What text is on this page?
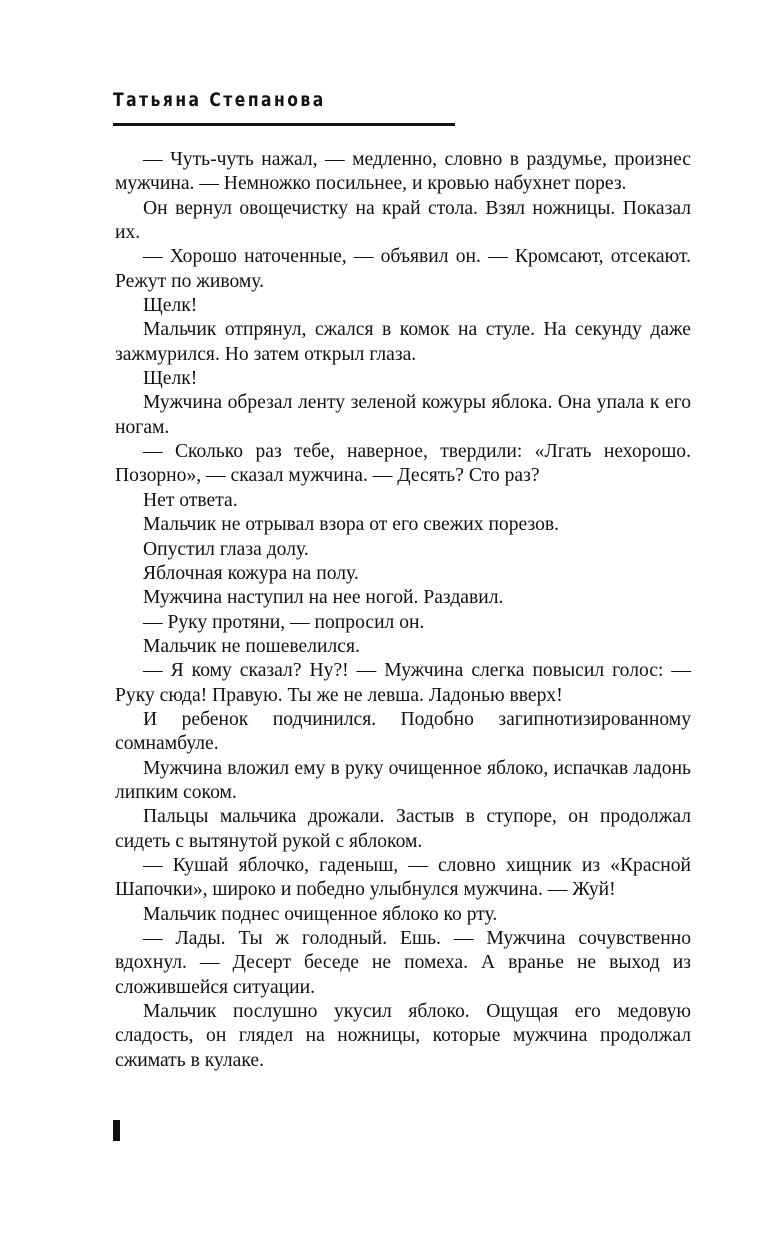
Татьяна Степанова

— Чуть-чуть нажал, — медленно, словно в раздумье, произнес мужчина. — Немножко посильнее, и кровью набухнет порез.

Он вернул овощечистку на край стола. Взял ножницы. Показал их.

— Хорошо наточенные, — объявил он. — Кромсают, отсекают. Режут по живому.

Щелк!

Мальчик отпрянул, сжался в комок на стуле. На секунду даже зажмурился. Но затем открыл глаза.

Щелк!

Мужчина обрезал ленту зеленой кожуры яблока. Она упала к его ногам.

— Сколько раз тебе, наверное, твердили: «Лгать нехорошо. Позорно», — сказал мужчина. — Десять? Сто раз?

Нет ответа.

Мальчик не отрывал взора от его свежих порезов.

Опустил глаза долу.

Яблочная кожура на полу.

Мужчина наступил на нее ногой. Раздавил.

— Руку протяни, — попросил он.

Мальчик не пошевелился.

— Я кому сказал? Ну?! — Мужчина слегка повысил голос: — Руку сюда! Правую. Ты же не левша. Ладонью вверх!

И ребенок подчинился. Подобно загипнотизированному сомнамбуле.

Мужчина вложил ему в руку очищенное яблоко, испачкав ладонь липким соком.

Пальцы мальчика дрожали. Застыв в ступоре, он продолжал сидеть с вытянутой рукой с яблоком.

— Кушай яблочко, гаденыш, — словно хищник из «Красной Шапочки», широко и победно улыбнулся мужчина. — Жуй!

Мальчик поднес очищенное яблоко ко рту.

— Лады. Ты ж голодный. Ешь. — Мужчина сочувственно вдохнул. — Десерт беседе не помеха. А вранье не выход из сложившейся ситуации.

Мальчик послушно укусил яблоко. Ощущая его медовую сладость, он глядел на ножницы, которые мужчина продолжал сжимать в кулаке.
